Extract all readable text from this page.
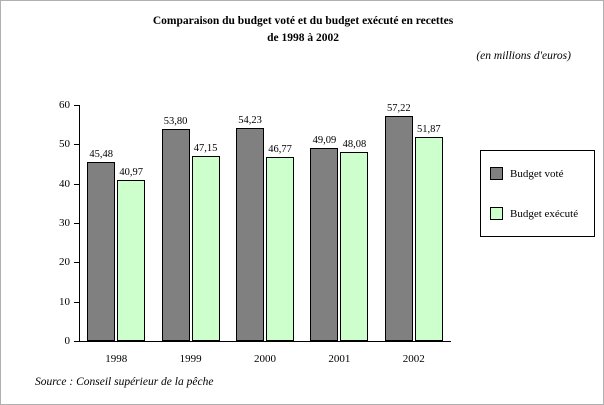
Comparaison du budget voté et du budget exécuté en recettes
de 1998 à 2002
(en millions d'euros)
0
10
20
30
40
50
60
45,48
40,97
53,80
47,15
54,23
46,77
49,09 48,08
57,22
51,87
1998	1999	2000	2001	2002
Budget voté
Budget exécuté
Source : Conseil supérieur de la pêche
